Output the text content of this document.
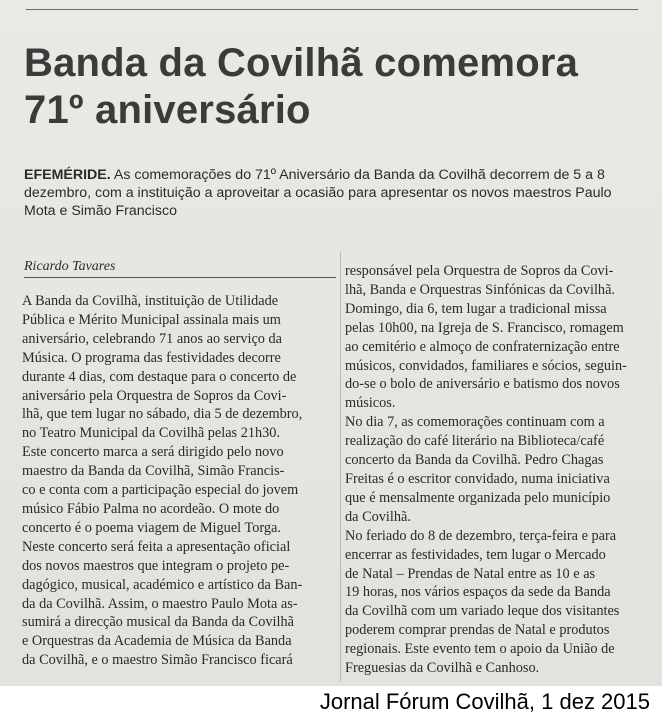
Banda da Covilhã comemora
71º aniversário

EFEMÉRIDE. As comemorações do 71º Aniversário da Banda da Covilhã decorrem de 5 a 8
dezembro, com a instituição a aproveitar a ocasião para apresentar os novos maestros Paulo
Mota e Simão Francisco

Ricardo Tavares
A Banda da Covilhã, instituição de Utilidade
Pública e Mérito Municipal assinala mais um
aniversário, celebrando 71 anos ao serviço da
Música. O programa das festividades decorre
durante 4 dias, com destaque para o concerto de
aniversário pela Orquestra de Sopros da Covi-
lhã, que tem lugar no sábado, dia 5 de dezembro,
no Teatro Municipal da Covilhã pelas 21h30.
Este concerto marca a será dirigido pelo novo
maestro da Banda da Covilhã, Simão Francis-
co e conta com a participação especial do jovem
músico Fábio Palma no acordeão. O mote do
concerto é o poema viagem de Miguel Torga.
Neste concerto será feita a apresentação oficial
dos novos maestros que integram o projeto pe-
dagógico, musical, académico e artístico da Ban-
da da Covilhã. Assim, o maestro Paulo Mota as-
sumirá a direcção musical da Banda da Covilhã
e Orquestras da Academia de Música da Banda
da Covilhã, e o maestro Simão Francisco ficará
responsável pela Orquestra de Sopros da Covi-
lhã, Banda e Orquestras Sinfónicas da Covilhã.
Domingo, dia 6, tem lugar a tradicional missa
pelas 10h00, na Igreja de S. Francisco, romagem
ao cemitério e almoço de confraternização entre
músicos, convidados, familiares e sócios, seguin-
do-se o bolo de aniversário e batismo dos novos
músicos.
No dia 7, as comemorações continuam com a
realização do café literário na Biblioteca/café
concerto da Banda da Covilhã. Pedro Chagas
Freitas é o escritor convidado, numa iniciativa
que é mensalmente organizada pelo município
da Covilhã.
No feriado do 8 de dezembro, terça-feira e para
encerrar as festividades, tem lugar o Mercado
de Natal – Prendas de Natal entre as 10 e as
19 horas, nos vários espaços da sede da Banda
da Covilhã com um variado leque dos visitantes
poderem comprar prendas de Natal e produtos
regionais. Este evento tem o apoio da União de
Freguesias da Covilhã e Canhoso.
Jornal Fórum Covilhã, 1 dez 2015
